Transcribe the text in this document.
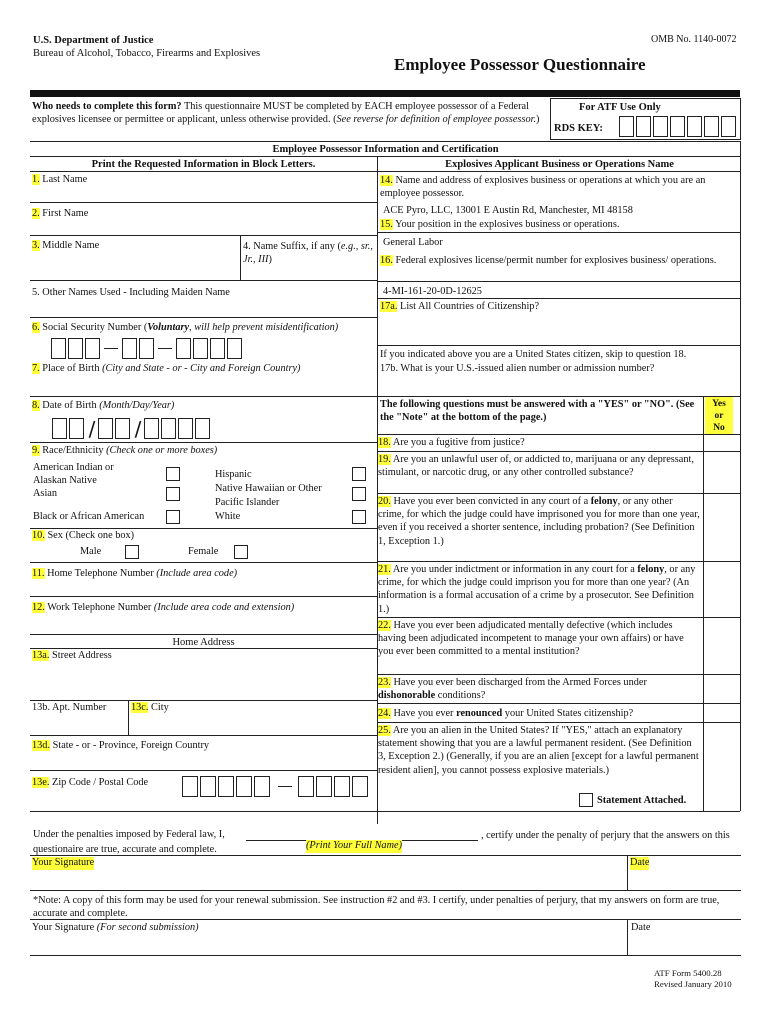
U.S. Department of Justice
Bureau of Alcohol, Tobacco, Firearms and Explosives
OMB No. 1140-0072
Employee Possessor Questionnaire
Who needs to complete this form? This questionnaire MUST be completed by EACH employee possessor of a Federal explosives licensee or permittee or applicant, unless otherwise provided. (See reverse for definition of employee possessor.)
For ATF Use Only
RDS KEY:
Employee Possessor Information and Certification
Print the Requested Information in Block Letters.	Explosives Applicant Business or Operations Name
1. Last Name
2. First Name
3. Middle Name	4. Name Suffix, if any (e.g., sr., Jr., III)
5. Other Names Used - Including Maiden Name
6. Social Security Number (Voluntary, will help prevent misidentification)
7. Place of Birth (City and State - or - City and Foreign Country)
8. Date of Birth (Month/Day/Year)
/ /
9. Race/Ethnicity (Check one or more boxes)
American Indian or Alaskan Native
Asian
Black or African American
Hispanic
Native Hawaiian or Other Pacific Islander
White
10. Sex (Check one box)
Male	Female
11. Home Telephone Number (Include area code)
12. Work Telephone Number (Include area code and extension)
Home Address
13a. Street Address
13b. Apt. Number 13c. City
13d. State - or - Province, Foreign Country
13e. Zip Code / Postal Code
14. Name and address of explosives business or operations at which you are an employee possessor.
ACE Pyro, LLC, 13001 E Austin Rd, Manchester, MI 48158
15. Your position in the explosives business or operations.
General Labor
16. Federal explosives license/permit number for explosives business/ operations.
4-MI-161-20-0D-12625
17a. List All Countries of Citizenship?
If you indicated above you are a United States citizen, skip to question 18.
17b. What is your U.S.-issued alien number or admission number?
The following questions must be answered with a "YES" or "NO". (See the "Note" at the bottom of the page.)
Yes
or
No
18. Are you a fugitive from justice?
19. Are you an unlawful user of, or addicted to, marijuana or any depressant, stimulant, or narcotic drug, or any other controlled substance?
20. Have you ever been convicted in any court of a felony, or any other crime, for which the judge could have imprisoned you for more than one year, even if you received a shorter sentence, including probation? (See Definition 1, Exception 1.)
21. Are you under indictment or information in any court for a felony, or any crime, for which the judge could imprison you for more than one year? (An information is a formal accusation of a crime by a prosecutor. See Definition 1.)
22. Have you ever been adjudicated mentally defective (which includes having been adjudicated incompetent to manage your own affairs) or have you ever been committed to a mental institution?
23. Have you ever been discharged from the Armed Forces under dishonorable conditions?
24. Have you ever renounced your United States citizenship?
25. Are you an alien in the United States? If "YES," attach an explanatory statement showing that you are a lawful permanent resident. (See Definition 3, Exception 2.) (Generally, if you are an alien [except for a lawful permanent resident alien], you cannot possess explosive materials.)
Statement Attached.
Under the penalties imposed by Federal law, I,	, certify under the penalty of perjury that the answers on this questionaire are true, accurate and complete.	(Print Your Full Name)
Your Signature	Date
*Note: A copy of this form may be used for your renewal submission. See instruction #2 and #3. I certify, under penalties of perjury, that my answers on form are true, accurate and complete.
Your Signature (For second submission)	Date
ATF Form 5400.28
Revised January 2010
